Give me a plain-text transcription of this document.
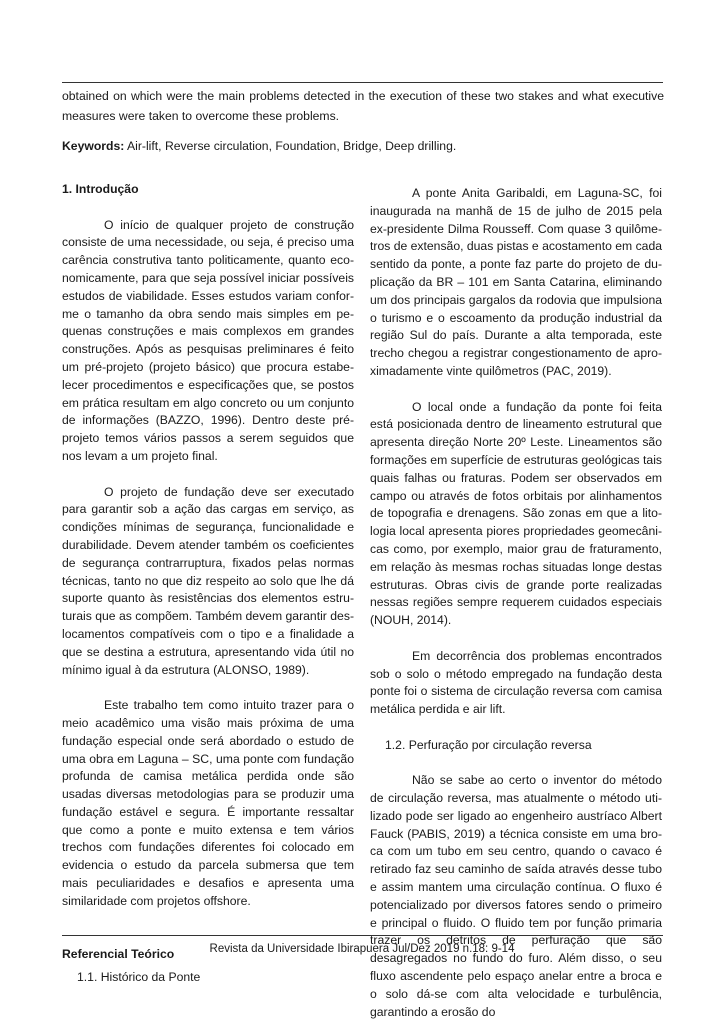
obtained on which were the main problems detected in the execution of these two stakes and what executive measures were taken to overcome these problems.

Keywords: Air-lift, Reverse circulation, Foundation, Bridge, Deep drilling.

1. Introdução

O início de qualquer projeto de construção consiste de uma necessidade, ou seja, é preciso uma carência construtiva tanto politicamente, quanto economicamente, para que seja possível iniciar possíveis estudos de viabilidade. Esses estudos variam conforme o tamanho da obra sendo mais simples em pequenas construções e mais complexos em grandes construções. Após as pesquisas preliminares é feito um pré-projeto (projeto básico) que procura estabelecer procedimentos e especificações que, se postos em prática resultam em algo concreto ou um conjunto de informações (BAZZO, 1996). Dentro deste pré-projeto temos vários passos a serem seguidos que nos levam a um projeto final.

O projeto de fundação deve ser executado para garantir sob a ação das cargas em serviço, as condições mínimas de segurança, funcionalidade e durabilidade. Devem atender também os coeficientes de segurança contrarruptura, fixados pelas normas técnicas, tanto no que diz respeito ao solo que lhe dá suporte quanto às resistências dos elementos estruturais que as compõem. Também devem garantir deslocamentos compatíveis com o tipo e a finalidade a que se destina a estrutura, apresentando vida útil no mínimo igual à da estrutura (ALONSO, 1989).

Este trabalho tem como intuito trazer para o meio acadêmico uma visão mais próxima de uma fundação especial onde será abordado o estudo de uma obra em Laguna – SC, uma ponte com fundação profunda de camisa metálica perdida onde são usadas diversas metodologias para se produzir uma fundação estável e segura. É importante ressaltar que como a ponte e muito extensa e tem vários trechos com fundações diferentes foi colocado em evidencia o estudo da parcela submersa que tem mais peculiaridades e desafios e apresenta uma similaridade com projetos offshore.

Referencial Teórico
1.1. Histórico da Ponte

A ponte Anita Garibaldi, em Laguna-SC, foi inaugurada na manhã de 15 de julho de 2015 pela ex-presidente Dilma Rousseff. Com quase 3 quilômetros de extensão, duas pistas e acostamento em cada sentido da ponte, a ponte faz parte do projeto de duplicação da BR – 101 em Santa Catarina, eliminando um dos principais gargalos da rodovia que impulsiona o turismo e o escoamento da produção industrial da região Sul do país. Durante a alta temporada, este trecho chegou a registrar congestionamento de aproximadamente vinte quilômetros (PAC, 2019).

O local onde a fundação da ponte foi feita está posicionada dentro de lineamento estrutural que apresenta direção Norte 20º Leste. Lineamentos são formações em superfície de estruturas geológicas tais quais falhas ou fraturas. Podem ser observados em campo ou através de fotos orbitais por alinhamentos de topografia e drenagens. São zonas em que a litologia local apresenta piores propriedades geomecânicas como, por exemplo, maior grau de fraturamento, em relação às mesmas rochas situadas longe destas estruturas. Obras civis de grande porte realizadas nessas regiões sempre requerem cuidados especiais (NOUH, 2014).

Em decorrência dos problemas encontrados sob o solo o método empregado na fundação desta ponte foi o sistema de circulação reversa com camisa metálica perdida e air lift.

1.2. Perfuração por circulação reversa

Não se sabe ao certo o inventor do método de circulação reversa, mas atualmente o método utilizado pode ser ligado ao engenheiro austríaco Albert Fauck (PABIS, 2019) a técnica consiste em uma broca com um tubo em seu centro, quando o cavaco é retirado faz seu caminho de saída através desse tubo e assim mantem uma circulação contínua. O fluxo é potencializado por diversos fatores sendo o primeiro e principal o fluido. O fluido tem por função primaria trazer os detritos de perfuração que são desagregados no fundo do furo. Além disso, o seu fluxo ascendente pelo espaço anelar entre a broca e o solo dá-se com alta velocidade e turbulência, garantindo a erosão do

Revista da Universidade Ibirapuera Jul/Dez 2019 n.18: 9-14
